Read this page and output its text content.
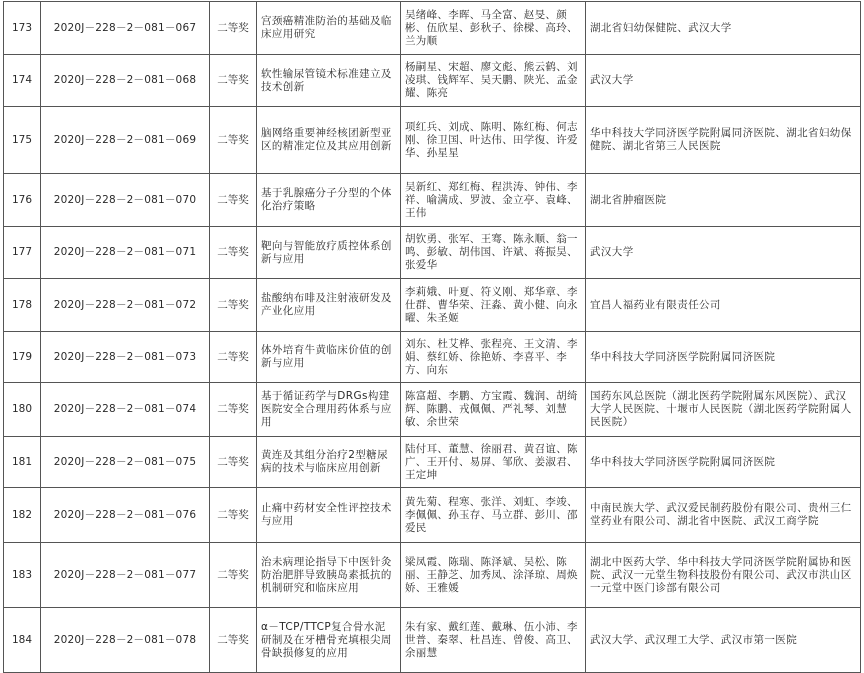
173	2020J－228－2－081－067	二等奖	宫颈癌精准防治的基础及临床应用研究	吴绪峰、李晖、马全富、赵旻、颜彬、伍欣星、彭秋子、徐樑、高玲、兰为顺	湖北省妇幼保健院、武汉大学
174	2020J－228－2－081－068	二等奖	软性输尿管镜术标准建立及技术创新	杨嗣星、宋超、廖文彪、熊云鹤、刘凌琪、钱辉军、吴天鹏、陕光、孟金耀、陈亮	武汉大学
175	2020J－228－2－081－069	二等奖	脑网络重要神经核团新型亚区的精准定位及其应用创新	项红兵、刘成、陈明、陈红梅、何志刚、徐卫国、叶达伟、田学復、许爱华、孙星星	华中科技大学同济医学院附属同济医院、湖北省妇幼保健院、湖北省第三人民医院
176	2020J－228－2－081－070	二等奖	基于乳腺癌分子分型的个体化治疗策略	吴新红、郑红梅、程洪涛、钟伟、李祥、喻满成、罗波、金立亭、袁峰、王伟	湖北省肿瘤医院
177	2020J－228－2－081－071	二等奖	靶向与智能放疗质控体系创新与应用	胡钦勇、张军、王骞、陈永顺、翁一鸣、彭敏、胡伟国、许斌、蒋振昊、张爱华	武汉大学
178	2020J－228－2－081－072	二等奖	盐酸纳布啡及注射液研发及产业化应用	李莉娥、叶夏、符义刚、郑华章、李仕群、曹华荣、汪淼、黄小健、向永曜、朱圣姬	宜昌人福药业有限责任公司
179	2020J－228－2－081－073	二等奖	体外培育牛黄临床价值的创新与应用	刘东、杜艾桦、张程亮、王文清、李娟、蔡红娇、徐艳娇、李喜平、李方、向东	华中科技大学同济医学院附属同济医院
180	2020J－228－2－081－074	二等奖	基于循证药学与DRGs构建医院安全合理用药体系与应用	陈富超、李鹏、方宝霞、魏润、胡绮辉、陈鹏、戎佩佩、严礼琴、刘慧敏、余世荣	国药东风总医院（湖北医药学院附属东风医院）、武汉大学人民医院、十堰市人民医院（湖北医药学院附属人民医院）
181	2020J－228－2－081－075	二等奖	黄连及其组分治疗2型糖尿病的技术与临床应用创新	陆付耳、董慧、徐丽君、黄召谊、陈广、王开付、易屏、邹欣、姜淑君、王定坤	华中科技大学同济医学院附属同济医院
182	2020J－228－2－081－076	二等奖	止痛中药材安全性评控技术与应用	黄先菊、程寒、张洋、刘虹、李竣、李佩佩、孙玉存、马立群、彭川、邵爱民	中南民族大学、武汉爱民制药股份有限公司、贵州三仁堂药业有限公司、湖北省中医院、武汉工商学院
183	2020J－228－2－081－077	二等奖	治未病理论指导下中医针灸防治肥胖导致胰岛素抵抗的机制研究和临床应用	梁凤霞、陈瑞、陈泽斌、吴松、陈丽、王静芝、加秀凤、涂泽琼、周焕娇、王雅媛	湖北中医药大学、华中科技大学同济医学院附属协和医院、武汉一元堂生物科技股份有限公司、武汉市洪山区一元堂中医门诊部有限公司
184	2020J－228－2－081－078	二等奖	α－TCP/TTCP复合骨水泥研制及在牙槽骨充填根尖周骨缺损修复的应用	朱有家、戴红莲、戴琳、伍小沛、李世普、秦翠、杜昌连、曾俊、高卫、余丽慧	武汉大学、武汉理工大学、武汉市第一医院
